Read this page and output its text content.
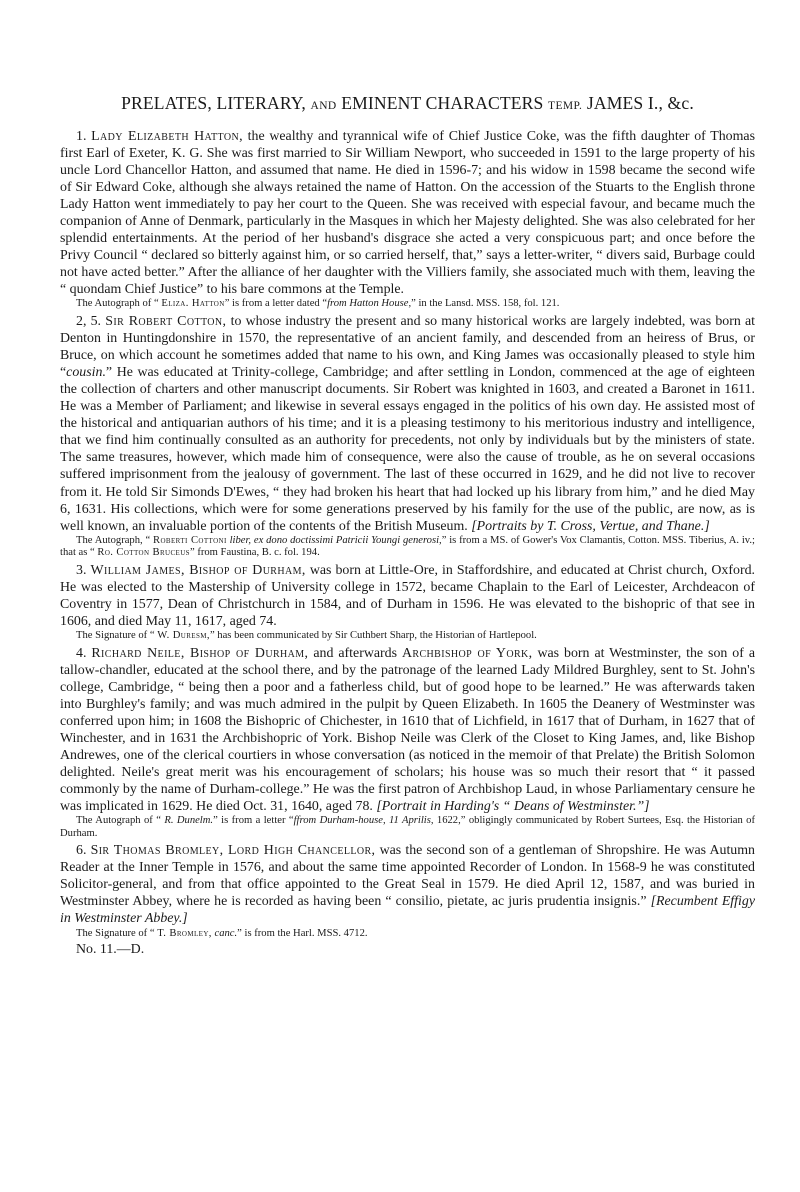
PRELATES, LITERARY, AND EMINENT CHARACTERS TEMP. JAMES I., &c.

1. Lady Elizabeth Hatton, the wealthy and tyrannical wife of Chief Justice Coke, was the fifth daughter of Thomas first Earl of Exeter, K. G. She was first married to Sir William Newport, who succeeded in 1591 to the large property of his uncle Lord Chancellor Hatton, and assumed that name. He died in 1596-7; and his widow in 1598 became the second wife of Sir Edward Coke, although she always retained the name of Hatton. On the accession of the Stuarts to the English throne Lady Hatton went immediately to pay her court to the Queen. She was received with especial favour, and became much the companion of Anne of Denmark, particularly in the Masques in which her Majesty delighted. She was also celebrated for her splendid entertainments. At the period of her husband's disgrace she acted a very conspicuous part; and once before the Privy Council “ declared so bitterly against him, or so carried herself, that,” says a letter-writer, “ divers said, Burbage could not have acted better.” After the alliance of her daughter with the Villiers family, she associated much with them, leaving the “ quondam Chief Justice” to his bare commons at the Temple.

The Autograph of “ Eliza. Hatton” is from a letter dated “from Hatton House,” in the Lansd. MSS. 158, fol. 121.

2, 5. Sir Robert Cotton, to whose industry the present and so many historical works are largely indebted, was born at Denton in Huntingdonshire in 1570, the representative of an ancient family, and descended from an heiress of Brus, or Bruce, on which account he sometimes added that name to his own, and King James was occasionally pleased to style him “cousin.” He was educated at Trinity-college, Cambridge; and after settling in London, commenced at the age of eighteen the collection of charters and other manuscript documents. Sir Robert was knighted in 1603, and created a Baronet in 1611. He was a Member of Parliament; and likewise in several essays engaged in the politics of his own day. He assisted most of the historical and antiquarian authors of his time; and it is a pleasing testimony to his meritorious industry and intelligence, that we find him continually consulted as an authority for precedents, not only by individuals but by the ministers of state. The same treasures, however, which made him of consequence, were also the cause of trouble, as he on several occasions suffered imprisonment from the jealousy of government. The last of these occurred in 1629, and he did not live to recover from it. He told Sir Simonds D'Ewes, “ they had broken his heart that had locked up his library from him,” and he died May 6, 1631. His collections, which were for some generations preserved by his family for the use of the public, are now, as is well known, an invaluable portion of the contents of the British Museum. [Portraits by T. Cross, Vertue, and Thane.]

The Autograph, “ Roberti Cottoni liber, ex dono doctissimi Patricii Youngi generosi,” is from a MS. of Gower's Vox Clamantis, Cotton. MSS. Tiberius, A. iv.; that as “ Ro. Cotton Bruceus” from Faustina, B. c. fol. 194.

3. William James, Bishop of Durham, was born at Little-Ore, in Staffordshire, and educated at Christ church, Oxford. He was elected to the Mastership of University college in 1572, became Chaplain to the Earl of Leicester, Archdeacon of Coventry in 1577, Dean of Christchurch in 1584, and of Durham in 1596. He was elevated to the bishopric of that see in 1606, and died May 11, 1617, aged 74.

The Signature of “ W. Duresm,” has been communicated by Sir Cuthbert Sharp, the Historian of Hartlepool.

4. Richard Neile, Bishop of Durham, and afterwards Archbishop of York, was born at Westminster, the son of a tallow-chandler, educated at the school there, and by the patronage of the learned Lady Mildred Burghley, sent to St. John's college, Cambridge, “ being then a poor and a fatherless child, but of good hope to be learned.” He was afterwards taken into Burghley's family; and was much admired in the pulpit by Queen Elizabeth. In 1605 the Deanery of Westminster was conferred upon him; in 1608 the Bishopric of Chichester, in 1610 that of Lichfield, in 1617 that of Durham, in 1627 that of Winchester, and in 1631 the Archbishopric of York. Bishop Neile was Clerk of the Closet to King James, and, like Bishop Andrewes, one of the clerical courtiers in whose conversation (as noticed in the memoir of that Prelate) the British Solomon delighted. Neile's great merit was his encouragement of scholars; his house was so much their resort that “ it passed commonly by the name of Durham-college.” He was the first patron of Archbishop Laud, in whose Parliamentary censure he was implicated in 1629. He died Oct. 31, 1640, aged 78. [Portrait in Harding's “ Deans of Westminster.”]

The Autograph of “ R. Dunelm.” is from a letter “ffrom Durham-house, 11 Aprilis, 1622,” obligingly communicated by Robert Surtees, Esq. the Historian of Durham.

6. Sir Thomas Bromley, Lord High Chancellor, was the second son of a gentleman of Shropshire. He was Autumn Reader at the Inner Temple in 1576, and about the same time appointed Recorder of London. In 1568-9 he was constituted Solicitor-general, and from that office appointed to the Great Seal in 1579. He died April 12, 1587, and was buried in Westminster Abbey, where he is recorded as having been “ consilio, pietate, ac juris prudentia insignis.” [Recumbent Effigy in Westminster Abbey.]

The Signature of “ T. Bromley, canc.” is from the Harl. MSS. 4712.

No. 11.—D.
